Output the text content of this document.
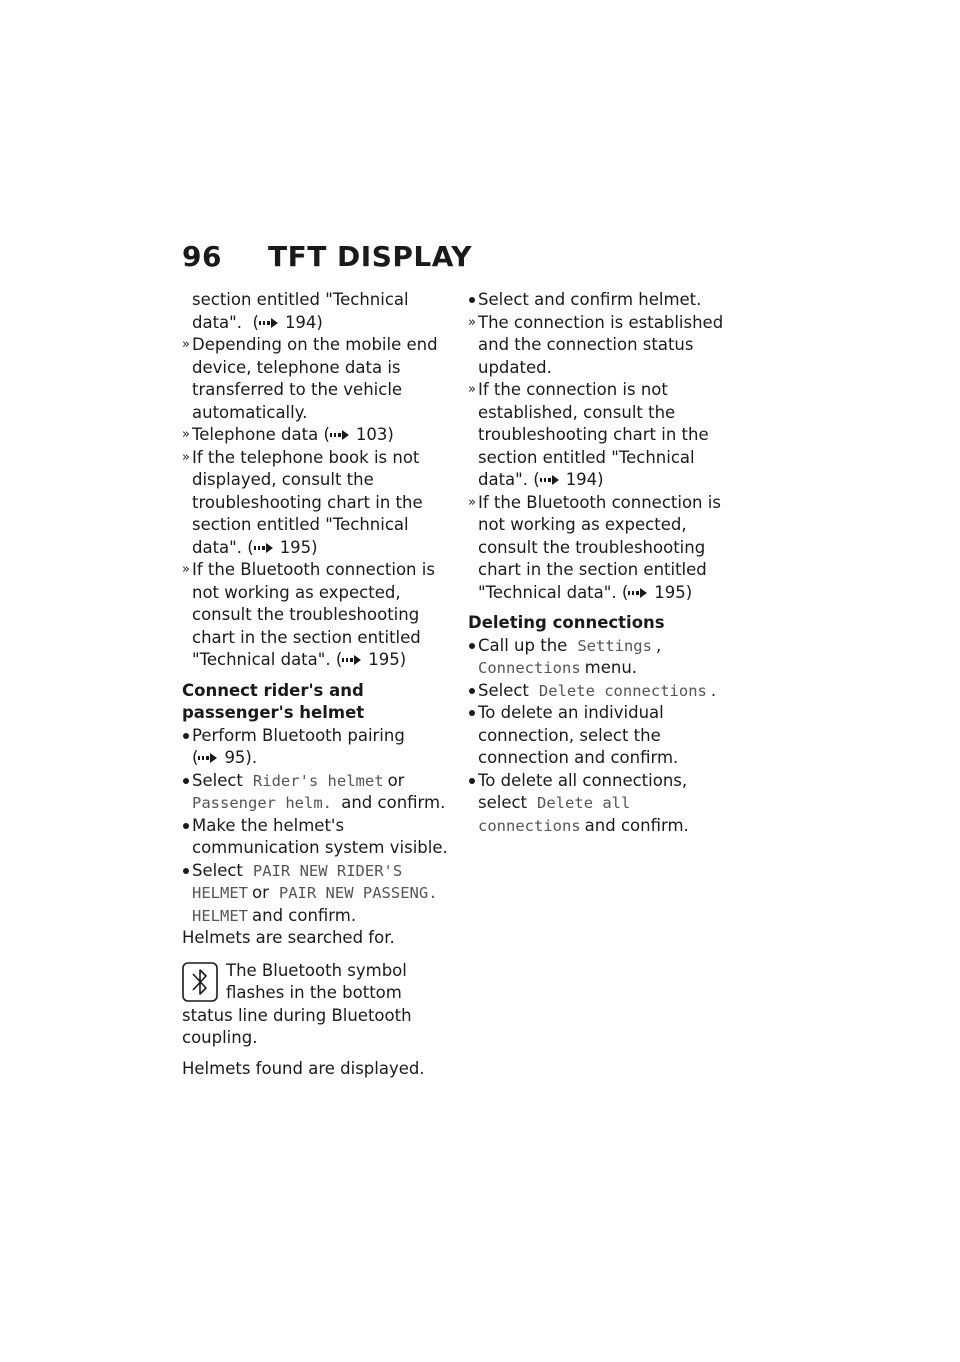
96 TFT DISPLAY
section entitled "Technical
data".  ( 194)
» Depending on the mobile end device, telephone data is transferred to the vehicle automatically.
» Telephone data ( 103)
» If the telephone book is not displayed, consult the troubleshooting chart in the section entitled "Technical data". ( 195)
» If the Bluetooth connection is not working as expected, consult the troubleshooting chart in the section entitled "Technical data". ( 195)
Connect rider's and passenger's helmet
Perform Bluetooth pairing ( 95).
Select Rider's helmet or Passenger helm. and confirm.
Make the helmet's communication system visible.
Select PAIR NEW RIDER'S HELMET or PAIR NEW PASSENG. HELMET and confirm.
Helmets are searched for.
The Bluetooth symbol flashes in the bottom status line during Bluetooth coupling.
Helmets found are displayed.
Select and confirm helmet.
» The connection is established and the connection status updated.
» If the connection is not established, consult the troubleshooting chart in the section entitled "Technical data". ( 194)
» If the Bluetooth connection is not working as expected, consult the troubleshooting chart in the section entitled "Technical data". ( 195)
Deleting connections
Call up the Settings , Connections menu.
Select Delete connections .
To delete an individual connection, select the connection and confirm.
To delete all connections, select Delete all connections and confirm.
